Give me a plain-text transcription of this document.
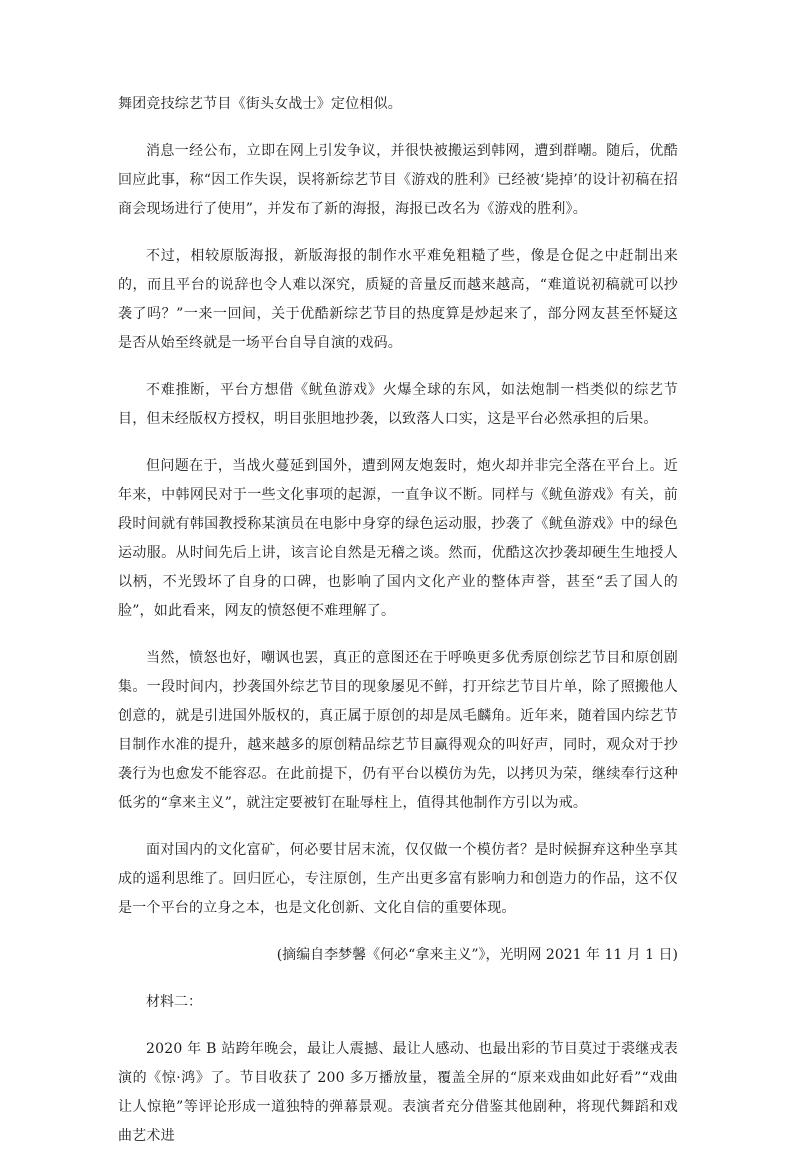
舞团竞技综艺节目《街头女战士》定位相似。

消息一经公布，立即在网上引发争议，并很快被搬运到韩网，遭到群嘲。随后，优酷回应此事，称“因工作失误，误将新综艺节目《游戏的胜利》已经被‘毙掉’的设计初稿在招商会现场进行了使用”，并发布了新的海报，海报已改名为《游戏的胜利》。

不过，相较原版海报，新版海报的制作水平难免粗糙了些，像是仓促之中赶制出来的，而且平台的说辞也令人难以深究，质疑的音量反而越来越高，“难道说初稿就可以抄袭了吗？”一来一回间，关于优酷新综艺节目的热度算是炒起来了，部分网友甚至怀疑这是否从始至终就是一场平台自导自演的戏码。

不难推断，平台方想借《鱿鱼游戏》火爆全球的东风，如法炮制一档类似的综艺节目，但未经版权方授权，明目张胆地抄袭，以致落人口实，这是平台必然承担的后果。

但问题在于，当战火蔓延到国外，遭到网友炮轰时，炮火却并非完全落在平台上。近年来，中韩网民对于一些文化事项的起源，一直争议不断。同样与《鱿鱼游戏》有关，前段时间就有韩国教授称某演员在电影中身穿的绿色运动服，抄袭了《鱿鱼游戏》中的绿色运动服。从时间先后上讲，该言论自然是无稽之谈。然而，优酷这次抄袭却硬生生地授人以柄，不光毁坏了自身的口碑，也影响了国内文化产业的整体声誉，甚至“丢了国人的脸”，如此看来，网友的愤怒便不难理解了。

当然，愤怒也好，嘲讽也罢，真正的意图还在于呼唤更多优秀原创综艺节目和原创剧集。一段时间内，抄袭国外综艺节目的现象屡见不鲜，打开综艺节目片单，除了照搬他人创意的，就是引进国外版权的，真正属于原创的却是凤毛麟角。近年来，随着国内综艺节目制作水准的提升，越来越多的原创精品综艺节目赢得观众的叫好声，同时，观众对于抄袭行为也愈发不能容忍。在此前提下，仍有平台以模仿为先，以拷贝为荣，继续奉行这种低劣的“拿来主义”，就注定要被钉在耻辱柱上，值得其他制作方引以为戒。

面对国内的文化富矿，何必要甘居末流，仅仅做一个模仿者？是时候摒弃这种坐享其成的遥利思维了。回归匠心，专注原创，生产出更多富有影响力和创造力的作品，这不仅是一个平台的立身之本，也是文化创新、文化自信的重要体现。

(摘编自李梦馨《何必“拿来主义”》，光明网 2021 年 11 月 1 日)

材料二：

2020 年 B 站跨年晚会，最让人震撼、最让人感动、也最出彩的节目莫过于裘继戎表演的《惊·鸿》了。节目收获了 200 多万播放量，覆盖全屏的“原来戏曲如此好看”“戏曲让人惊艳”等评论形成一道独特的弹幕景观。表演者充分借鉴其他剧种，将现代舞蹈和戏曲艺术进
